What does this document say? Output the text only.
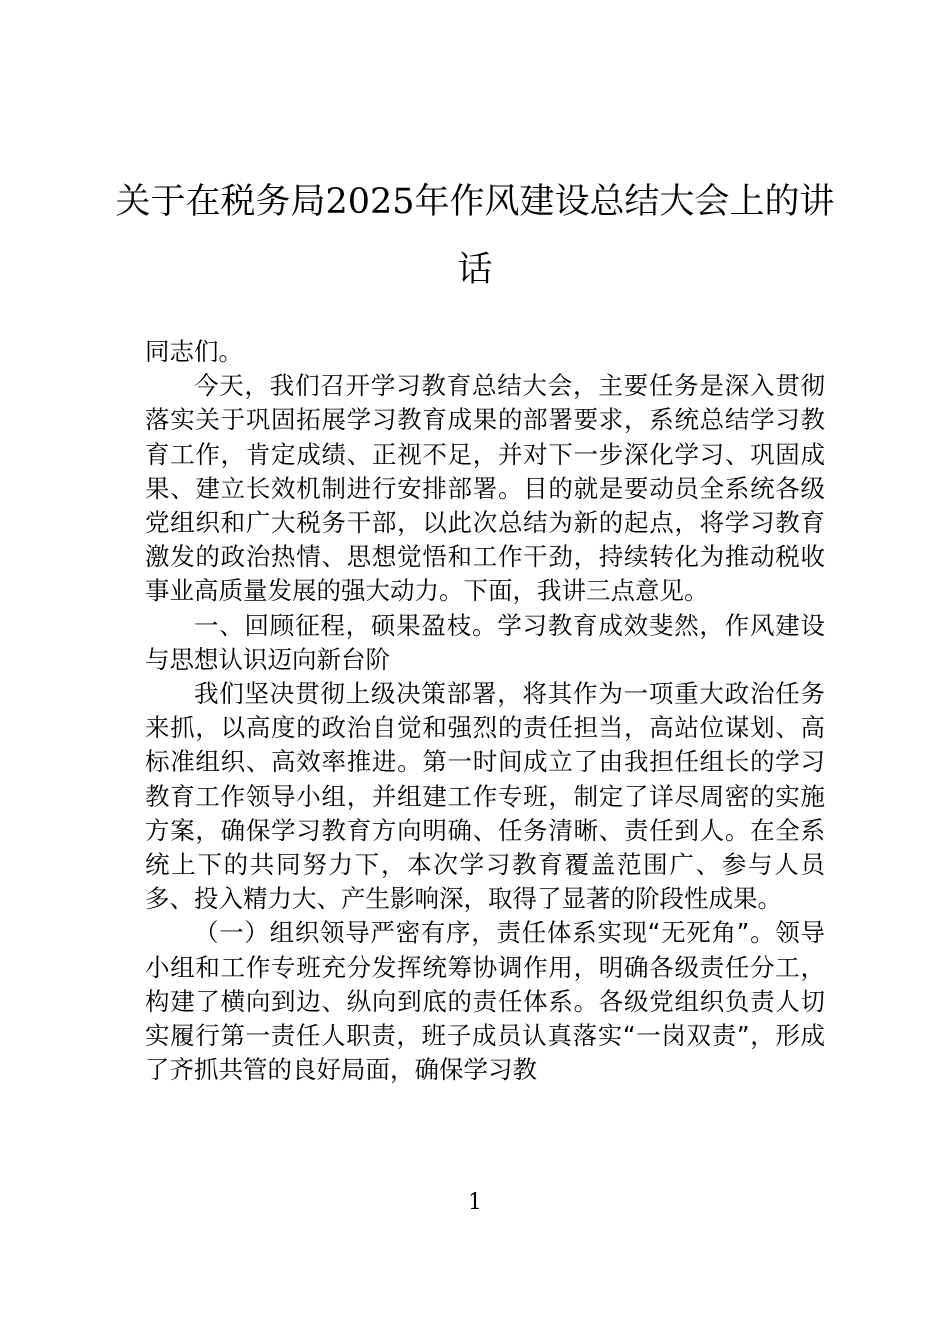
关于在税务局2025年作风建设总结大会上的讲话

同志们。

今天，我们召开学习教育总结大会，主要任务是深入贯彻落实关于巩固拓展学习教育成果的部署要求，系统总结学习教育工作，肯定成绩、正视不足，并对下一步深化学习、巩固成果、建立长效机制进行安排部署。目的就是要动员全系统各级党组织和广大税务干部，以此次总结为新的起点，将学习教育激发的政治热情、思想觉悟和工作干劲，持续转化为推动税收事业高质量发展的强大动力。下面，我讲三点意见。

一、回顾征程，硕果盈枝。学习教育成效斐然，作风建设与思想认识迈向新台阶

我们坚决贯彻上级决策部署，将其作为一项重大政治任务来抓，以高度的政治自觉和强烈的责任担当，高站位谋划、高标准组织、高效率推进。第一时间成立了由我担任组长的学习教育工作领导小组，并组建工作专班，制定了详尽周密的实施方案，确保学习教育方向明确、任务清晰、责任到人。在全系统上下的共同努力下，本次学习教育覆盖范围广、参与人员多、投入精力大、产生影响深，取得了显著的阶段性成果。

（一）组织领导严密有序，责任体系实现“无死角”。领导小组和工作专班充分发挥统筹协调作用，明确各级责任分工，构建了横向到边、纵向到底的责任体系。各级党组织负责人切实履行第一责任人职责，班子成员认真落实“一岗双责”，形成了齐抓共管的良好局面，确保学习教

1
